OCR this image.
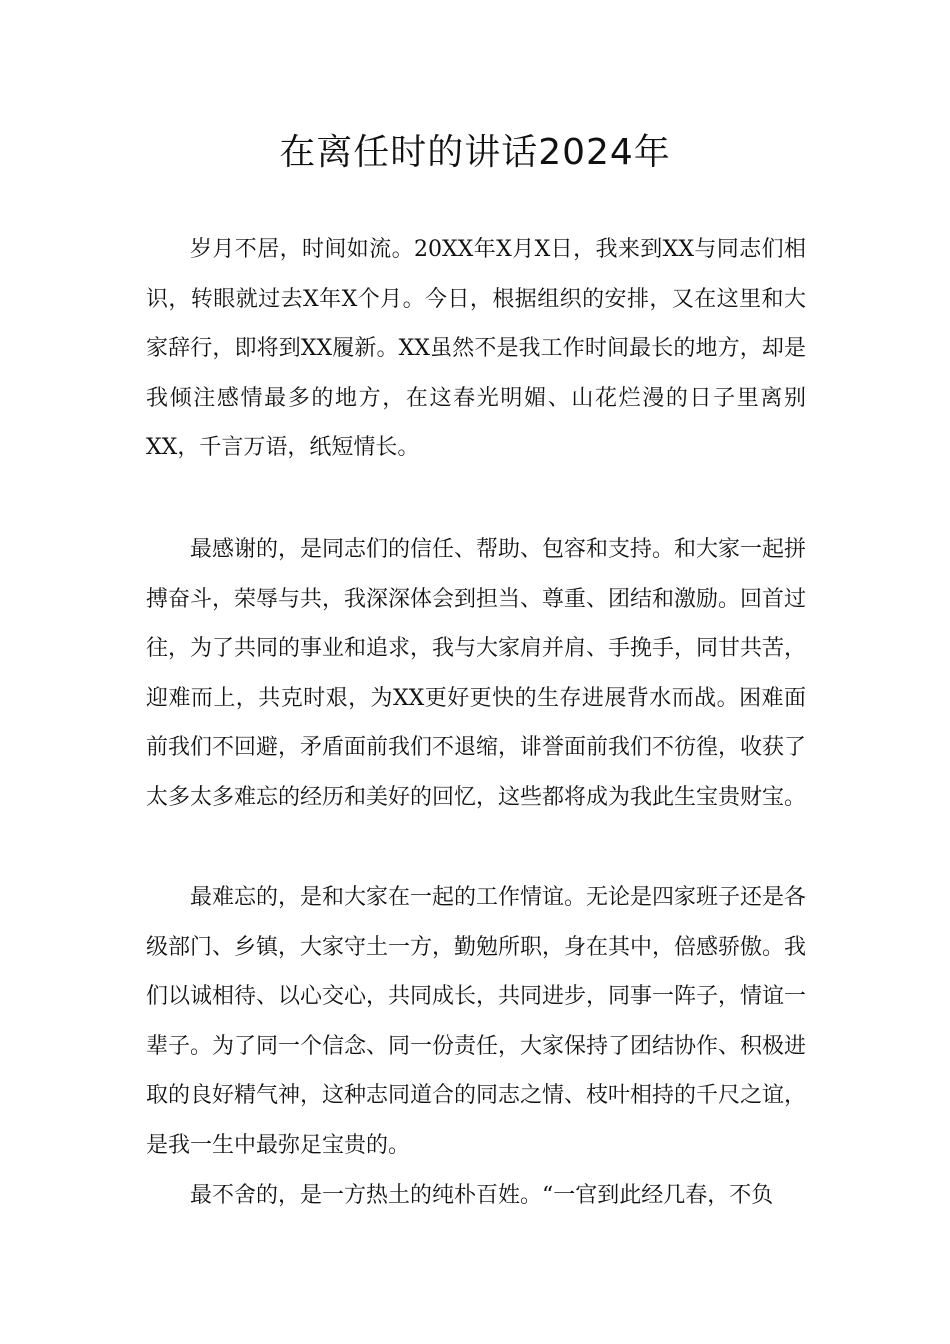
在离任时的讲话2024年

岁月不居，时间如流。20XX年X月X日，我来到XX与同志们相识，转眼就过去X年X个月。今日，根据组织的安排，又在这里和大家辞行，即将到XX履新。XX虽然不是我工作时间最长的地方，却是我倾注感情最多的地方，在这春光明媚、山花烂漫的日子里离别XX，千言万语，纸短情长。

最感谢的，是同志们的信任、帮助、包容和支持。和大家一起拼搏奋斗，荣辱与共，我深深体会到担当、尊重、团结和激励。回首过往，为了共同的事业和追求，我与大家肩并肩、手挽手，同甘共苦，迎难而上，共克时艰，为XX更好更快的生存进展背水而战。困难面前我们不回避，矛盾面前我们不退缩，诽誉面前我们不彷徨，收获了太多太多难忘的经历和美好的回忆，这些都将成为我此生宝贵财宝。

最难忘的，是和大家在一起的工作情谊。无论是四家班子还是各级部门、乡镇，大家守土一方，勤勉所职，身在其中，倍感骄傲。我们以诚相待、以心交心，共同成长，共同进步，同事一阵子，情谊一辈子。为了同一个信念、同一份责任，大家保持了团结协作、积极进取的良好精气神，这种志同道合的同志之情、枝叶相持的千尺之谊，是我一生中最弥足宝贵的。

最不舍的，是一方热土的纯朴百姓。“一官到此经几春，不负
